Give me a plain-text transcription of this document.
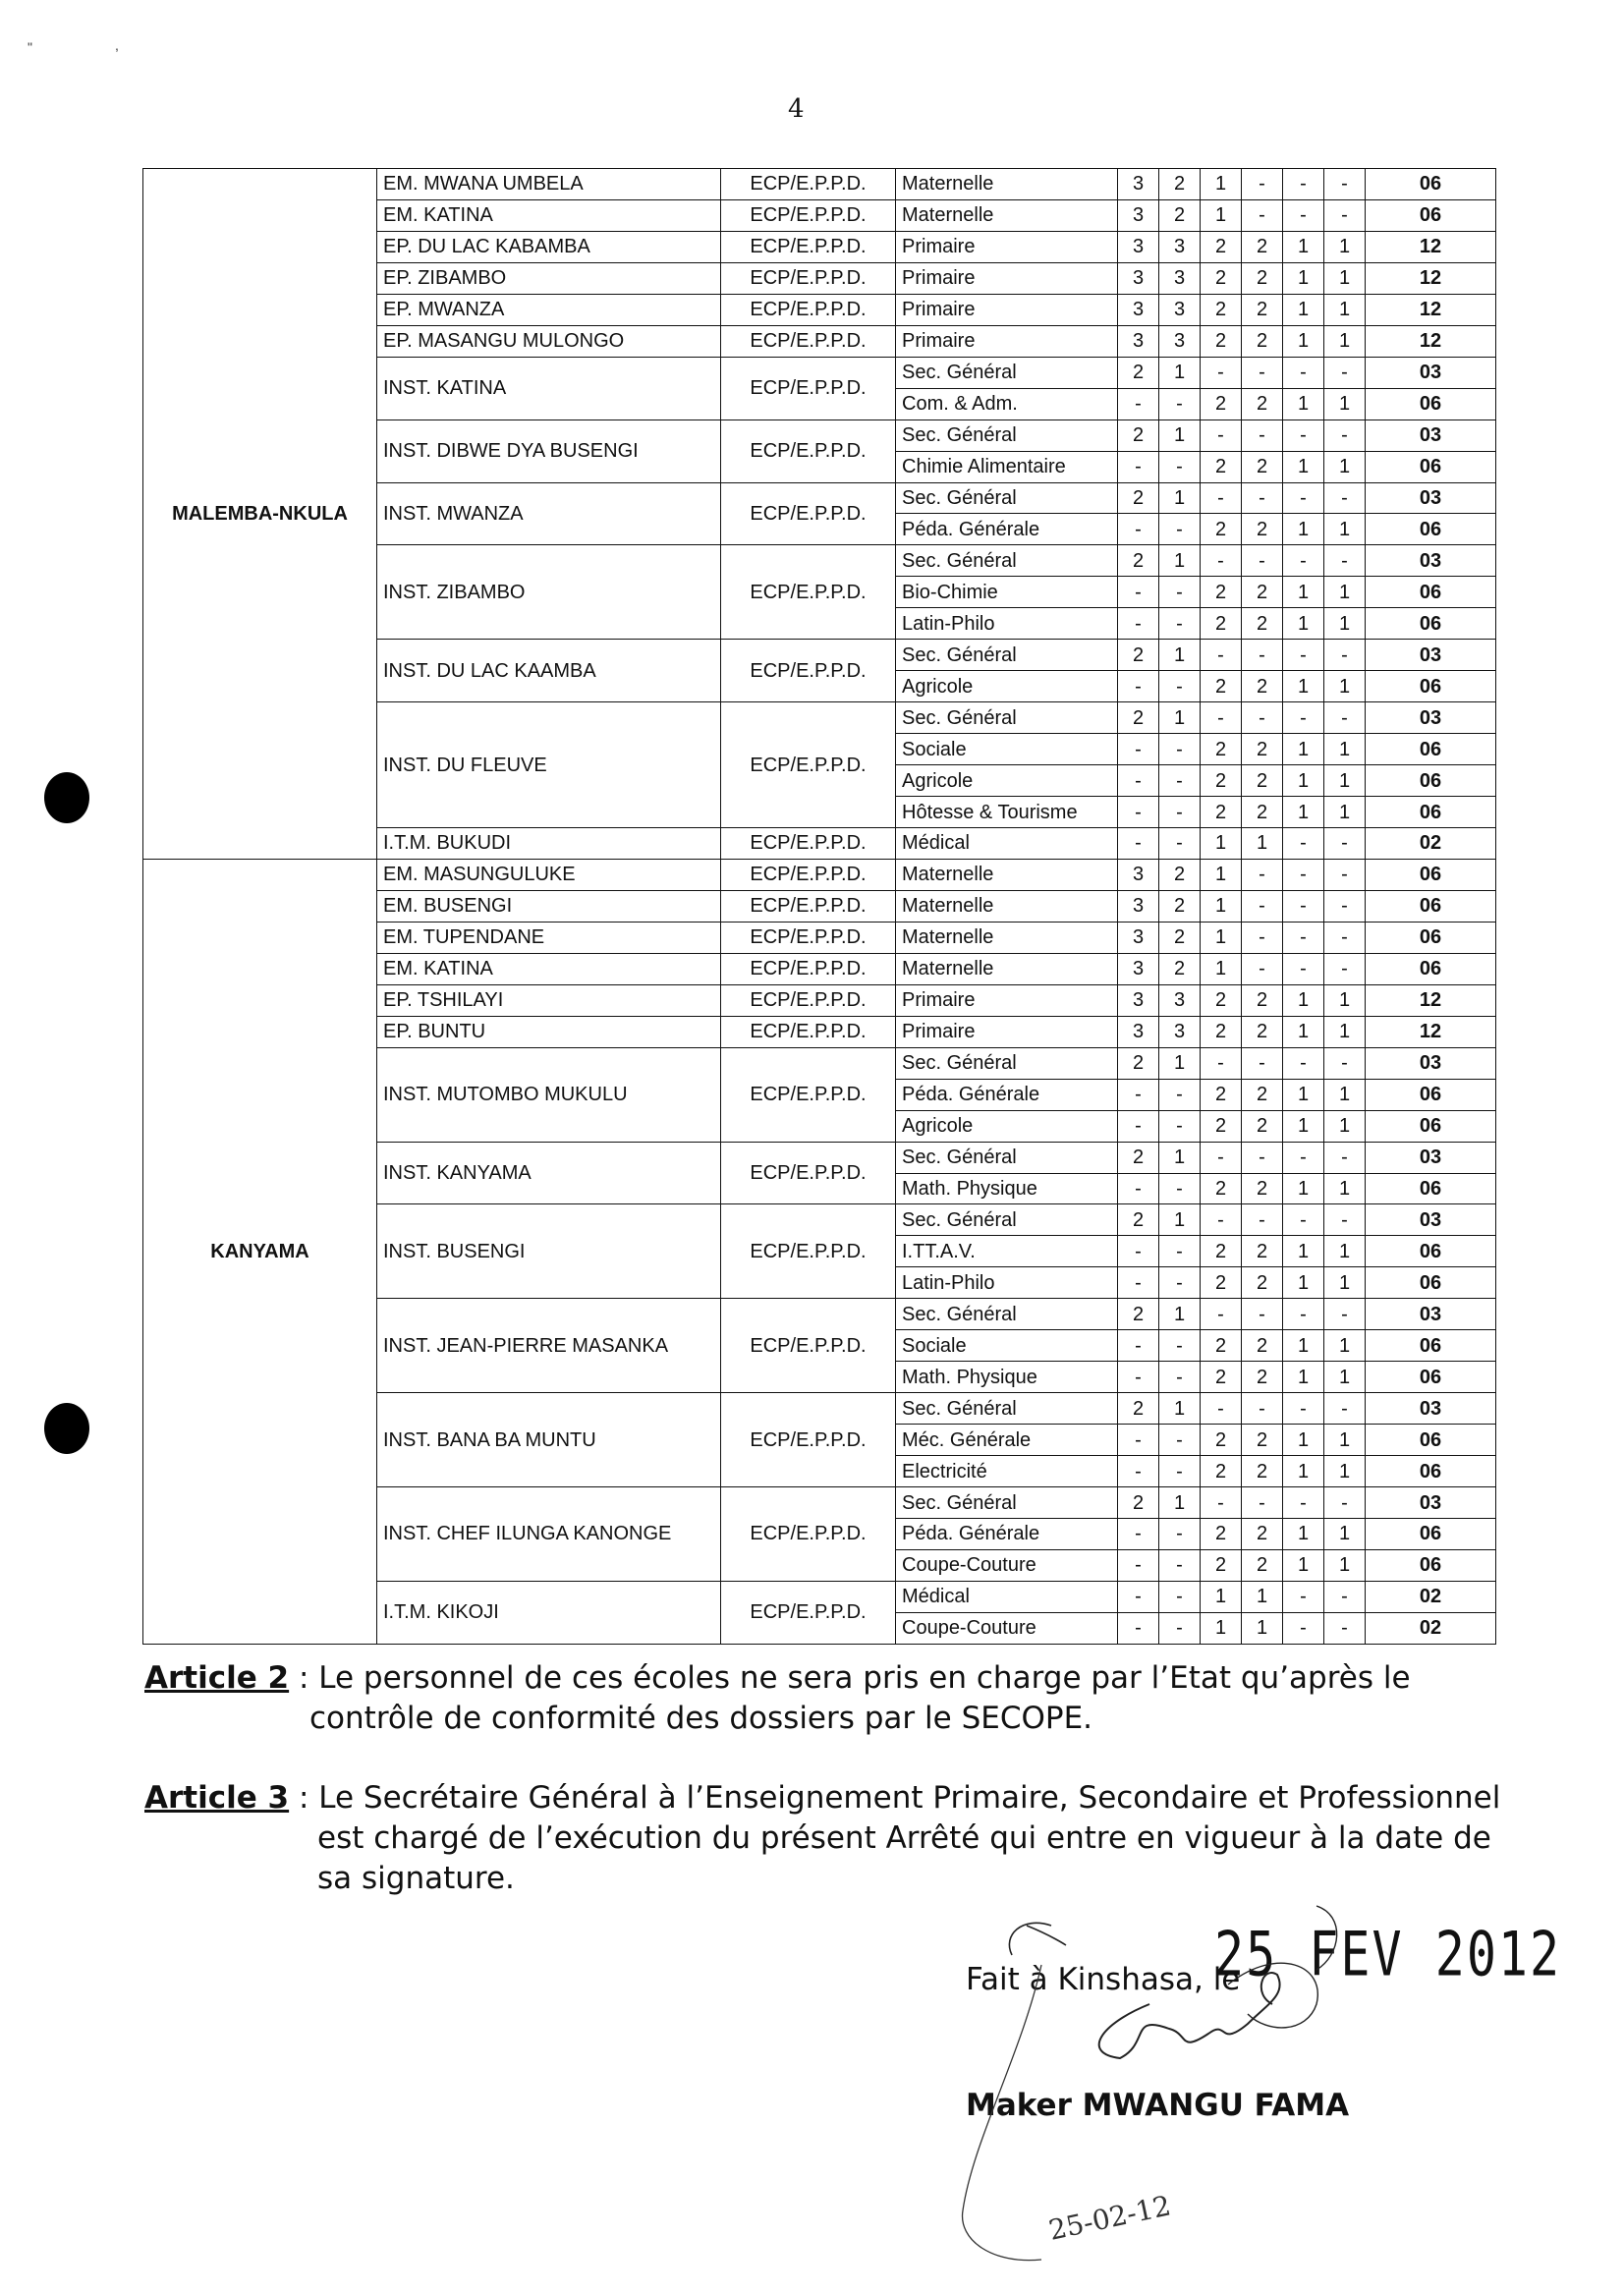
"	,
4
MALEMBA-NKULA	EM. MWANA UMBELA	ECP/E.P.P.D.	Maternelle	3	2	1	-	-	-	06
	EM. KATINA	ECP/E.P.P.D.	Maternelle	3	2	1	-	-	-	06
	EP. DU LAC KABAMBA	ECP/E.P.P.D.	Primaire	3	3	2	2	1	1	12
	EP. ZIBAMBO	ECP/E.P.P.D.	Primaire	3	3	2	2	1	1	12
	EP. MWANZA	ECP/E.P.P.D.	Primaire	3	3	2	2	1	1	12
	EP. MASANGU MULONGO	ECP/E.P.P.D.	Primaire	3	3	2	2	1	1	12
	INST. KATINA	ECP/E.P.P.D.	Sec. Général	2	1	-	-	-	-	03
			Com. & Adm.	-	-	2	2	1	1	06
	INST. DIBWE DYA BUSENGI	ECP/E.P.P.D.	Sec. Général	2	1	-	-	-	-	03
			Chimie Alimentaire	-	-	2	2	1	1	06
	INST. MWANZA	ECP/E.P.P.D.	Sec. Général	2	1	-	-	-	-	03
			Péda. Générale	-	-	2	2	1	1	06
	INST. ZIBAMBO	ECP/E.P.P.D.	Sec. Général	2	1	-	-	-	-	03
			Bio-Chimie	-	-	2	2	1	1	06
			Latin-Philo	-	-	2	2	1	1	06
	INST. DU LAC KAAMBA	ECP/E.P.P.D.	Sec. Général	2	1	-	-	-	-	03
			Agricole	-	-	2	2	1	1	06
	INST. DU FLEUVE	ECP/E.P.P.D.	Sec. Général	2	1	-	-	-	-	03
			Sociale	-	-	2	2	1	1	06
			Agricole	-	-	2	2	1	1	06
			Hôtesse & Tourisme	-	-	2	2	1	1	06
	I.T.M. BUKUDI	ECP/E.P.P.D.	Médical	-	-	1	1	-	-	02
KANYAMA	EM. MASUNGULUKE	ECP/E.P.P.D.	Maternelle	3	2	1	-	-	-	06
	EM. BUSENGI	ECP/E.P.P.D.	Maternelle	3	2	1	-	-	-	06
	EM. TUPENDANE	ECP/E.P.P.D.	Maternelle	3	2	1	-	-	-	06
	EM. KATINA	ECP/E.P.P.D.	Maternelle	3	2	1	-	-	-	06
	EP. TSHILAYI	ECP/E.P.P.D.	Primaire	3	3	2	2	1	1	12
	EP. BUNTU	ECP/E.P.P.D.	Primaire	3	3	2	2	1	1	12
	INST. MUTOMBO MUKULU	ECP/E.P.P.D.	Sec. Général	2	1	-	-	-	-	03
			Péda. Générale	-	-	2	2	1	1	06
			Agricole	-	-	2	2	1	1	06
	INST. KANYAMA	ECP/E.P.P.D.	Sec. Général	2	1	-	-	-	-	03
			Math. Physique	-	-	2	2	1	1	06
	INST. BUSENGI	ECP/E.P.P.D.	Sec. Général	2	1	-	-	-	-	03
			I.TT.A.V.	-	-	2	2	1	1	06
			Latin-Philo	-	-	2	2	1	1	06
	INST. JEAN-PIERRE MASANKA	ECP/E.P.P.D.	Sec. Général	2	1	-	-	-	-	03
			Sociale	-	-	2	2	1	1	06
			Math. Physique	-	-	2	2	1	1	06
	INST. BANA BA MUNTU	ECP/E.P.P.D.	Sec. Général	2	1	-	-	-	-	03
			Méc. Générale	-	-	2	2	1	1	06
			Electricité	-	-	2	2	1	1	06
	INST. CHEF ILUNGA KANONGE	ECP/E.P.P.D.	Sec. Général	2	1	-	-	-	-	03
			Péda. Générale	-	-	2	2	1	1	06
			Coupe-Couture	-	-	2	2	1	1	06
	I.T.M. KIKOJI	ECP/E.P.P.D.	Médical	-	-	1	1	-	-	02
			Coupe-Couture	-	-	1	1	-	-	02
Article 2 : Le personnel de ces écoles ne sera pris en charge par l’Etat qu’après le
contrôle de conformité des dossiers par le SECOPE.
Article 3 : Le Secrétaire Général à l’Enseignement Primaire, Secondaire et Professionnel
est chargé de l’exécution du présent Arrêté qui entre en vigueur à la date de
sa signature.
Fait à Kinshasa, le
25 FEV 2012
Maker MWANGU FAMA
25-02-12
